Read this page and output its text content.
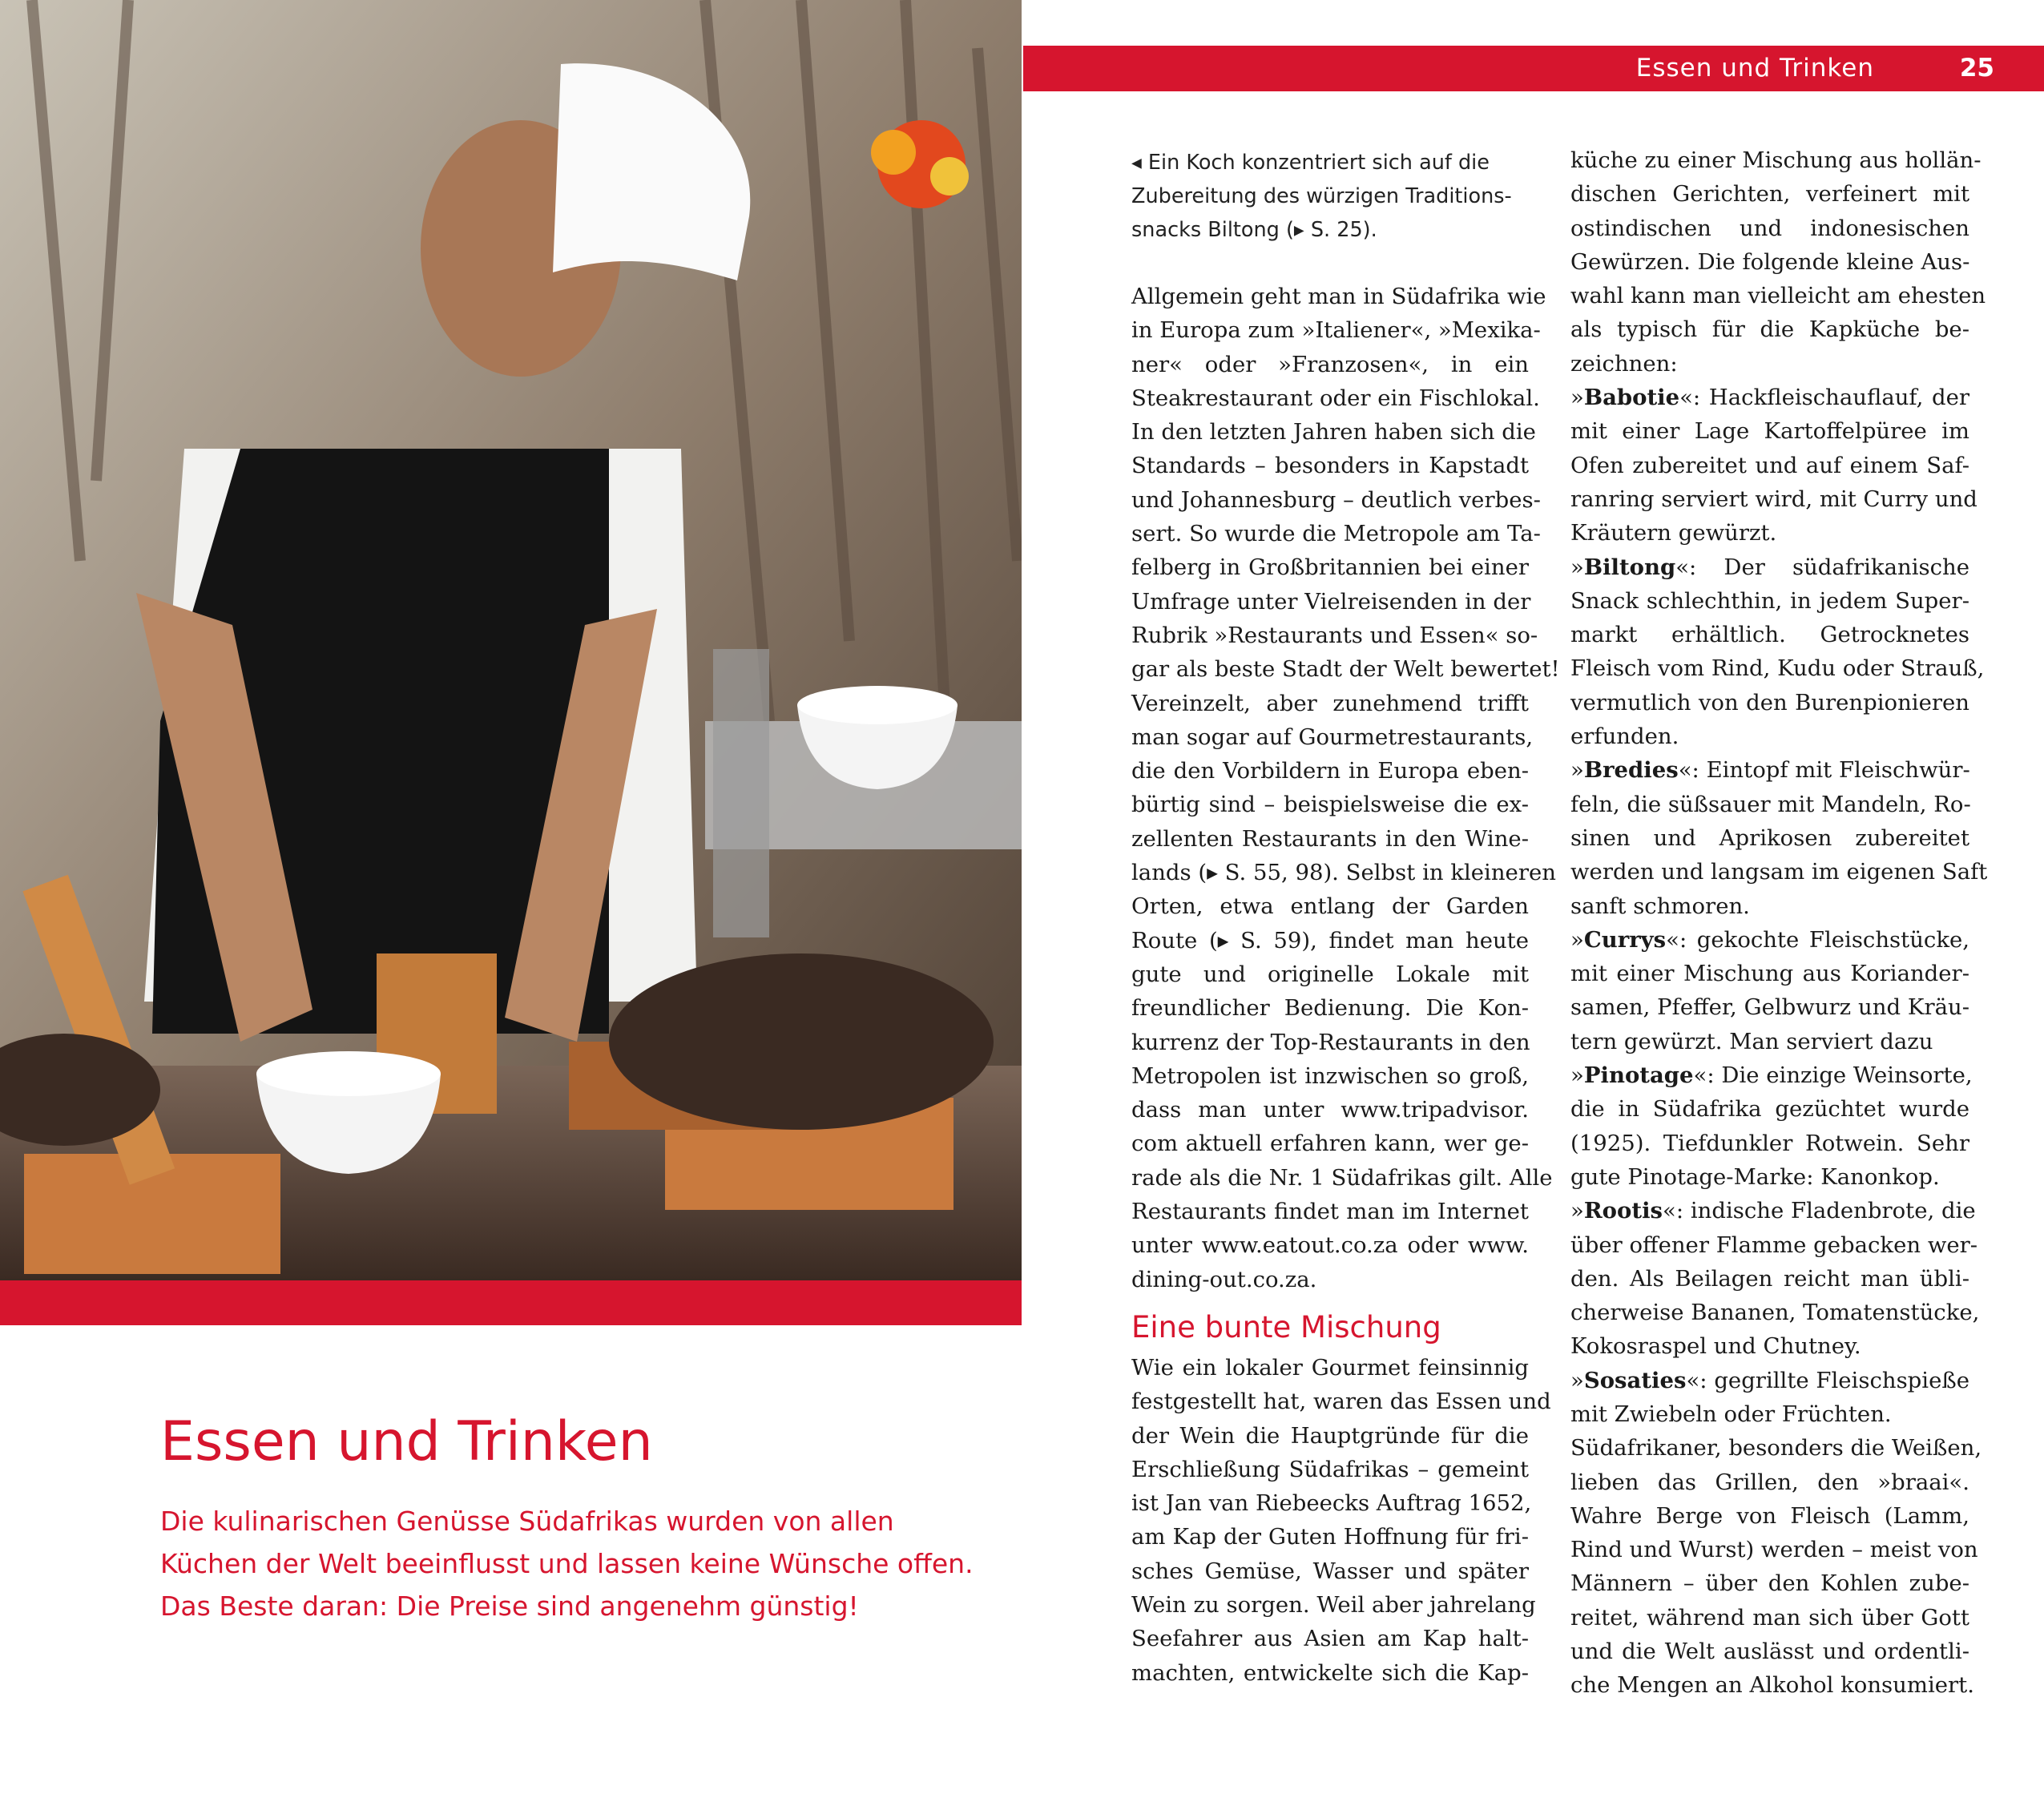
Essen und Trinken	25
Essen und Trinken
Die kulinarischen Genüsse Südafrikas wurden von allen
Küchen der Welt beeinflusst und lassen keine Wünsche offen.
Das Beste daran: Die Preise sind angenehm günstig!
◂ Ein Koch konzentriert sich auf die
Zubereitung des würzigen Traditions-
snacks Biltong (▸ S. 25).
Allgemein geht man in Südafrika wie
in Europa zum »Italiener«, »Mexika-
ner« oder »Franzosen«, in ein
Steakrestaurant oder ein Fischlokal.
In den letzten Jahren haben sich die
Standards – besonders in Kapstadt
und Johannesburg – deutlich verbes-
sert. So wurde die Metropole am Ta-
felberg in Großbritannien bei einer
Umfrage unter Vielreisenden in der
Rubrik »Restaurants und Essen« so-
gar als beste Stadt der Welt bewertet!
Vereinzelt, aber zunehmend trifft
man sogar auf Gourmetrestaurants,
die den Vorbildern in Europa eben-
bürtig sind – beispielsweise die ex-
zellenten Restaurants in den Wine-
lands (▸ S. 55, 98). Selbst in kleineren
Orten, etwa entlang der Garden
Route (▸ S. 59), findet man heute
gute und originelle Lokale mit
freundlicher Bedienung. Die Kon-
kurrenz der Top-Restaurants in den
Metropolen ist inzwischen so groß,
dass man unter www.tripadvisor.
com aktuell erfahren kann, wer ge-
rade als die Nr. 1 Südafrikas gilt. Alle
Restaurants findet man im Internet
unter www.eatout.co.za oder www.
dining-out.co.za.
Eine bunte Mischung
Wie ein lokaler Gourmet feinsinnig
festgestellt hat, waren das Essen und
der Wein die Hauptgründe für die
Erschließung Südafrikas – gemeint
ist Jan van Riebeecks Auftrag 1652,
am Kap der Guten Hoffnung für fri-
sches Gemüse, Wasser und später
Wein zu sorgen. Weil aber jahrelang
Seefahrer aus Asien am Kap halt-
machten, entwickelte sich die Kap-
küche zu einer Mischung aus hollän-
dischen Gerichten, verfeinert mit
ostindischen und indonesischen
Gewürzen. Die folgende kleine Aus-
wahl kann man vielleicht am ehesten
als typisch für die Kapküche be-
zeichnen:
»Babotie«: Hackfleischauflauf, der
mit einer Lage Kartoffelpüree im
Ofen zubereitet und auf einem Saf-
ranring serviert wird, mit Curry und
Kräutern gewürzt.
»Biltong«: Der südafrikanische
Snack schlechthin, in jedem Super-
markt erhältlich. Getrocknetes
Fleisch vom Rind, Kudu oder Strauß,
vermutlich von den Burenpionieren
erfunden.
»Bredies«: Eintopf mit Fleischwür-
feln, die süßsauer mit Mandeln, Ro-
sinen und Aprikosen zubereitet
werden und langsam im eigenen Saft
sanft schmoren.
»Currys«: gekochte Fleischstücke,
mit einer Mischung aus Koriander-
samen, Pfeffer, Gelbwurz und Kräu-
tern gewürzt. Man serviert dazu
»Pinotage«: Die einzige Weinsorte,
die in Südafrika gezüchtet wurde
(1925). Tiefdunkler Rotwein. Sehr
gute Pinotage-Marke: Kanonkop.
»Rootis«: indische Fladenbrote, die
über offener Flamme gebacken wer-
den. Als Beilagen reicht man übli-
cherweise Bananen, Tomatenstücke,
Kokosraspel und Chutney.
»Sosaties«: gegrillte Fleischspieße
mit Zwiebeln oder Früchten.
Südafrikaner, besonders die Weißen,
lieben das Grillen, den »braai«.
Wahre Berge von Fleisch (Lamm,
Rind und Wurst) werden – meist von
Männern – über den Kohlen zube-
reitet, während man sich über Gott
und die Welt auslässt und ordentli-
che Mengen an Alkohol konsumiert.
